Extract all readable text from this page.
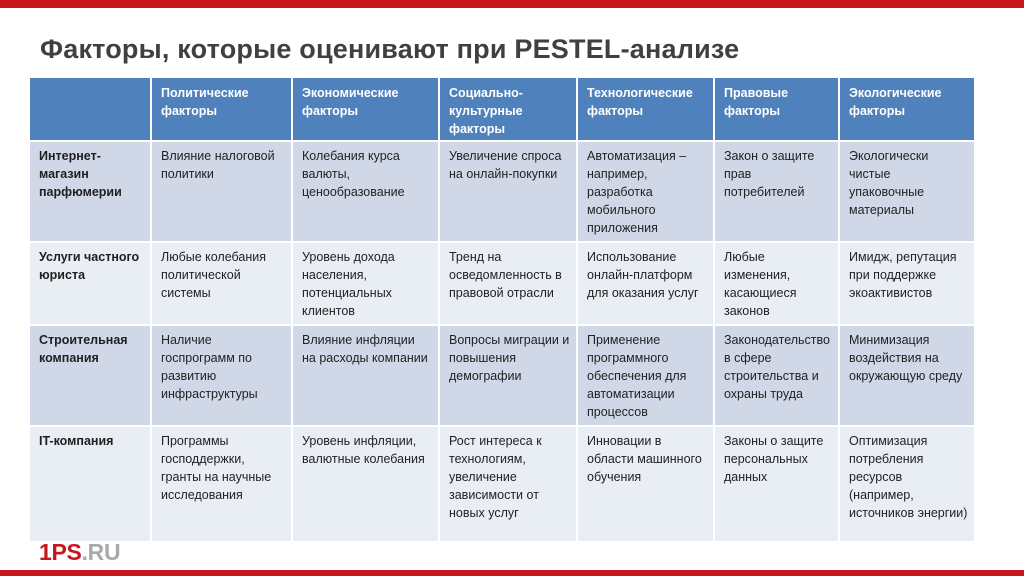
Факторы, которые оценивают при PESTEL-анализе
	Политические факторы	Экономические факторы	Социально-культурные факторы	Технологические факторы	Правовые факторы	Экологические факторы
Интернет-магазин парфюмерии	Влияние налоговой политики	Колебания курса валюты, ценообразование	Увеличение спроса на онлайн-покупки	Автоматизация – например, разработка мобильного приложения	Закон о защите прав потребителей	Экологически чистые упаковочные материалы
Услуги частного юриста	Любые колебания политической системы	Уровень дохода населения, потенциальных клиентов	Тренд на осведомленность в правовой отрасли	Использование онлайн-платформ для оказания услуг	Любые изменения, касающиеся законов	Имидж, репутация при поддержке экоактивистов
Строительная компания	Наличие госпрограмм по развитию инфраструктуры	Влияние инфляции на расходы компании	Вопросы миграции и повышения демографии	Применение программного обеспечения для автоматизации процессов	Законодательство в сфере строительства и охраны труда	Минимизация воздействия на окружающую среду
IT-компания	Программы господдержки, гранты на научные исследования	Уровень инфляции, валютные колебания	Рост интереса к технологиям, увеличение зависимости от новых услуг	Инновации в области машинного обучения	Законы о защите персональных данных	Оптимизация потребления ресурсов (например, источников энергии)
1PS.RU
